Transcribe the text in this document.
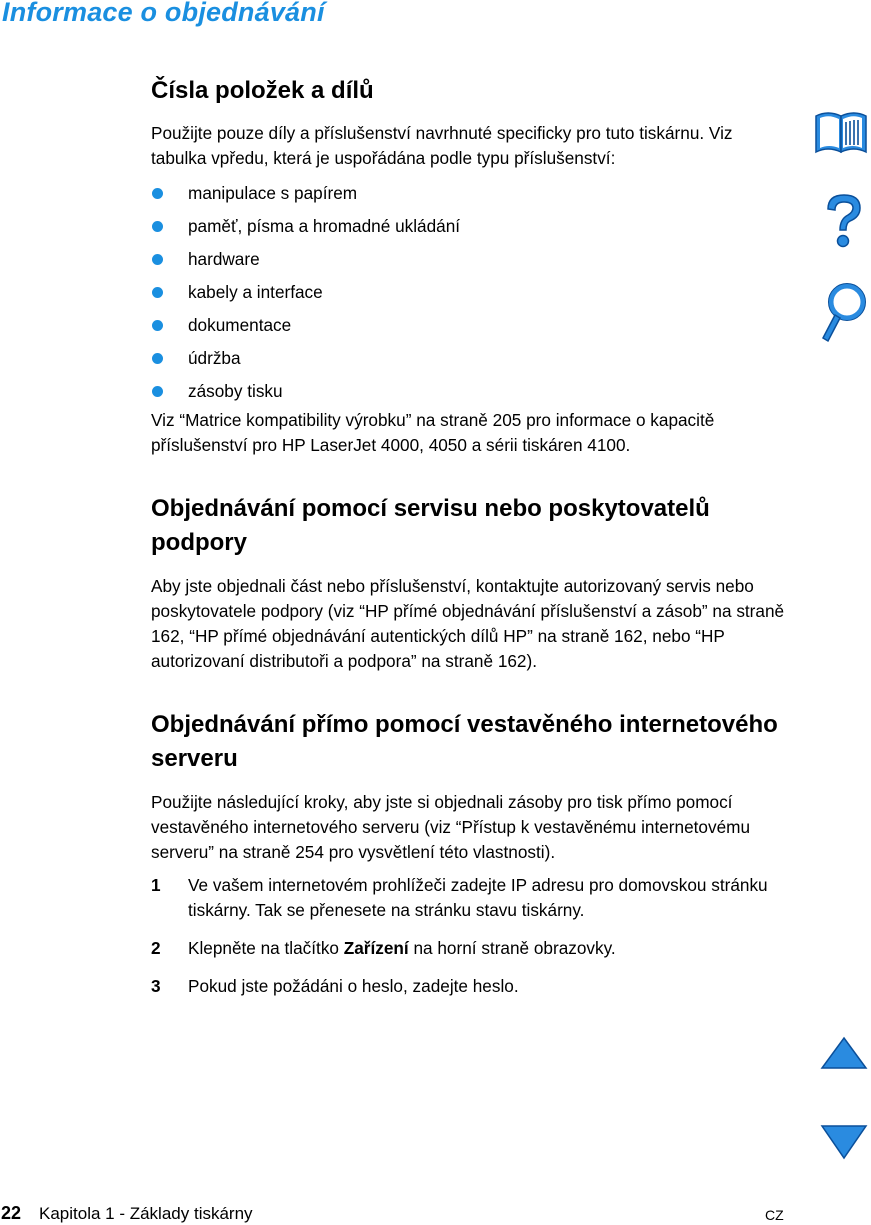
Informace o objednávání
Čísla položek a dílů

Použijte pouze díly a příslušenství navrhnuté specificky pro tuto tiskárnu. Viz tabulka vpředu, která je uspořádána podle typu příslušenství:

manipulace s papírem
paměť, písma a hromadné ukládání
hardware
kabely a interface
dokumentace
údržba
zásoby tisku

Viz “Matrice kompatibility výrobku” na straně 205 pro informace o kapacitě příslušenství pro HP LaserJet 4000, 4050 a sérii tiskáren 4100.

Objednávání pomocí servisu nebo poskytovatelů podpory

Aby jste objednali část nebo příslušenství, kontaktujte autorizovaný servis nebo poskytovatele podpory (viz “HP přímé objednávání příslušenství a zásob” na straně 162, “HP přímé objednávání autentických dílů HP” na straně 162, nebo “HP autorizovaní distributoři a podpora” na straně 162).

Objednávání přímo pomocí vestavěného internetového serveru

Použijte následující kroky, aby jste si objednali zásoby pro tisk přímo pomocí vestavěného internetového serveru (viz “Přístup k vestavěnému internetovému serveru” na straně 254 pro vysvětlení této vlastnosti).

1 Ve vašem internetovém prohlížeči zadejte IP adresu pro domovskou stránku tiskárny. Tak se přenesete na stránku stavu tiskárny.
2 Klepněte na tlačítko Zařízení na horní straně obrazovky.
3 Pokud jste požádáni o heslo, zadejte heslo.
22 Kapitola 1 - Základy tiskárny	CZ
